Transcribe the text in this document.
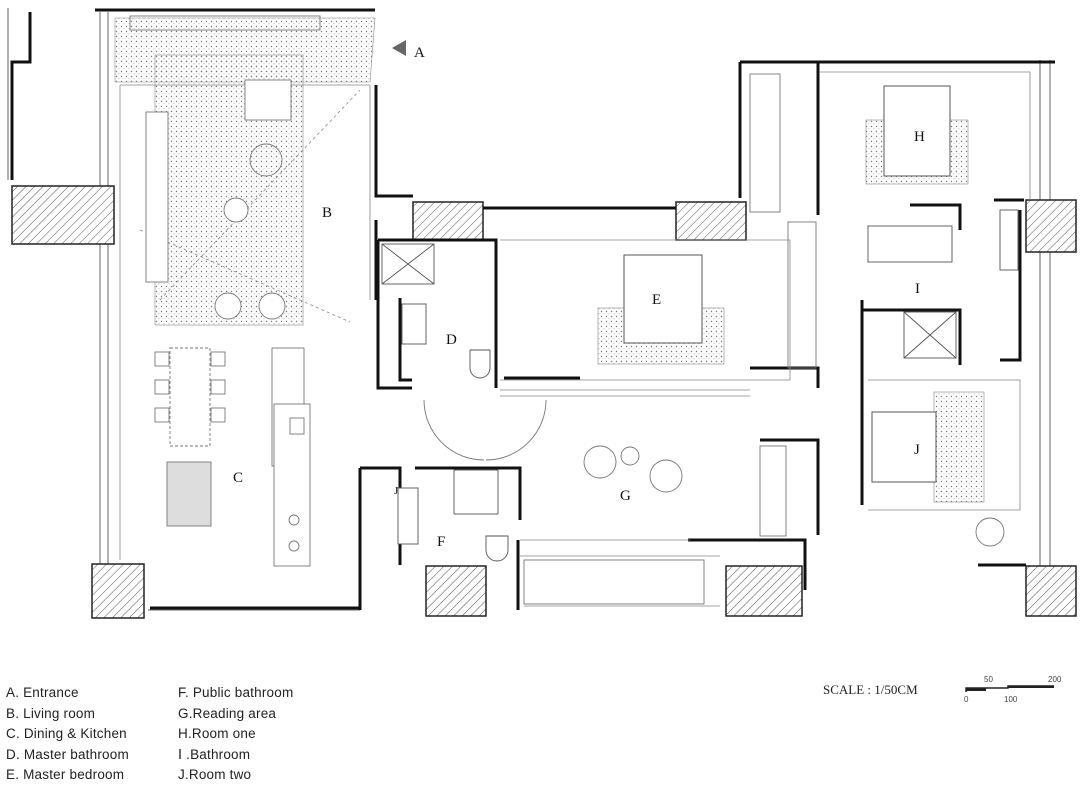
A
B
C
D
E
F
G
H
I
J
J
A. Entrance
B. Living room
C. Dining & Kitchen
D. Master bathroom
E. Master bedroom
F. Public bathroom
G.Reading area
H.Room one
Ⅰ .Bathroom
J.Room two
SCALE : 1/50CM
50	200
0	100
